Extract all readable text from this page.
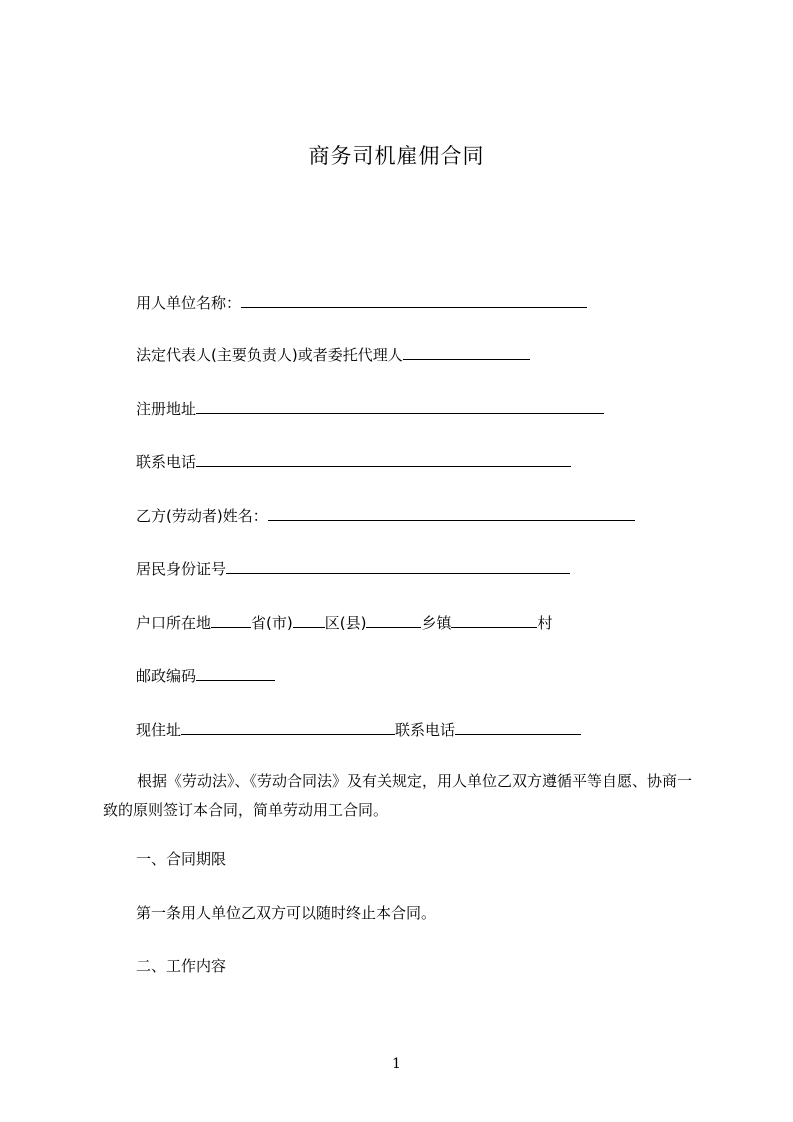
商务司机雇佣合同
用人单位名称：
法定代表人(主要负责人)或者委托代理人
注册地址
联系电话
乙方(劳动者)姓名：
居民身份证号
户口所在地	省(市) 区(县)	乡镇	村
邮政编码
现住址	联系电话
根据《劳动法》、《劳动合同法》及有关规定，用人单位乙双方遵循平等自愿、协商一致的原则签订本合同，简单劳动用工合同。
一、合同期限
第一条用人单位乙双方可以随时终止本合同。
二、工作内容
1
